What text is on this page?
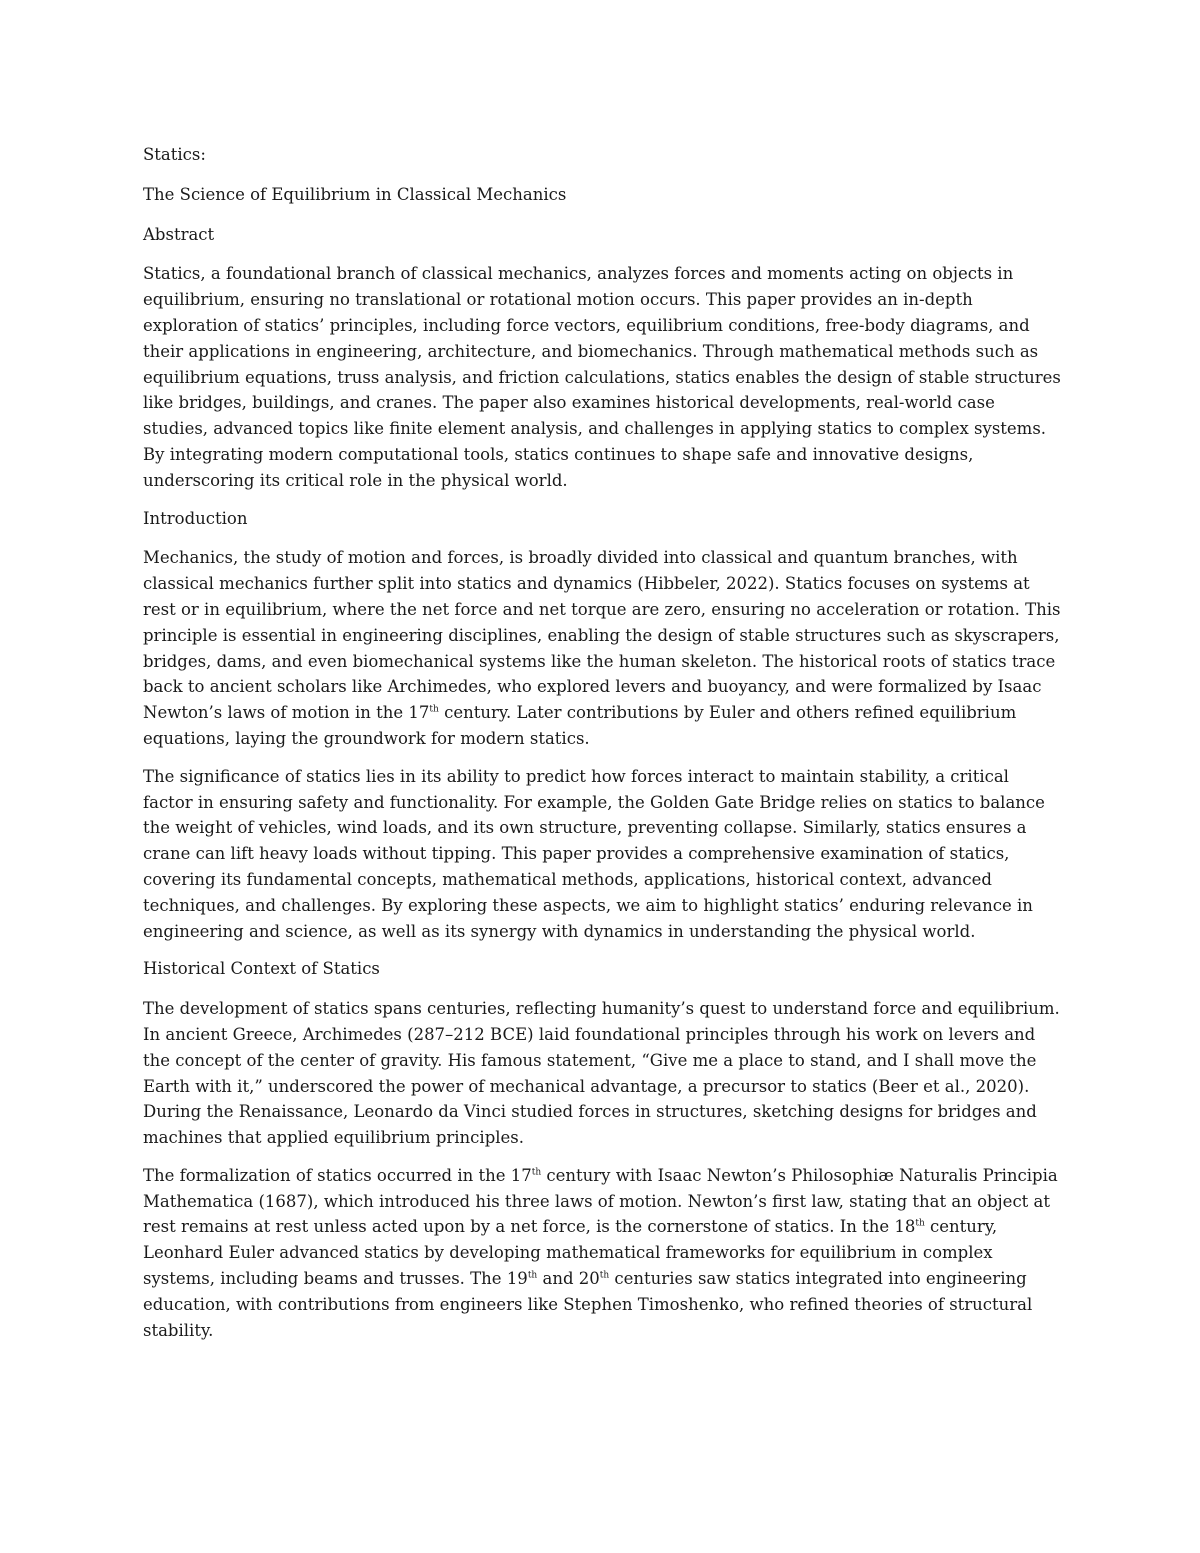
Statics:

The Science of Equilibrium in Classical Mechanics

Abstract

Statics, a foundational branch of classical mechanics, analyzes forces and moments acting on objects in equilibrium, ensuring no translational or rotational motion occurs. This paper provides an in-depth exploration of statics’ principles, including force vectors, equilibrium conditions, free-body diagrams, and their applications in engineering, architecture, and biomechanics. Through mathematical methods such as equilibrium equations, truss analysis, and friction calculations, statics enables the design of stable structures like bridges, buildings, and cranes. The paper also examines historical developments, real-world case studies, advanced topics like finite element analysis, and challenges in applying statics to complex systems. By integrating modern computational tools, statics continues to shape safe and innovative designs, underscoring its critical role in the physical world.

Introduction

Mechanics, the study of motion and forces, is broadly divided into classical and quantum branches, with classical mechanics further split into statics and dynamics (Hibbeler, 2022). Statics focuses on systems at rest or in equilibrium, where the net force and net torque are zero, ensuring no acceleration or rotation. This principle is essential in engineering disciplines, enabling the design of stable structures such as skyscrapers, bridges, dams, and even biomechanical systems like the human skeleton. The historical roots of statics trace back to ancient scholars like Archimedes, who explored levers and buoyancy, and were formalized by Isaac Newton’s laws of motion in the 17th century. Later contributions by Euler and others refined equilibrium equations, laying the groundwork for modern statics.

The significance of statics lies in its ability to predict how forces interact to maintain stability, a critical factor in ensuring safety and functionality. For example, the Golden Gate Bridge relies on statics to balance the weight of vehicles, wind loads, and its own structure, preventing collapse. Similarly, statics ensures a crane can lift heavy loads without tipping. This paper provides a comprehensive examination of statics, covering its fundamental concepts, mathematical methods, applications, historical context, advanced techniques, and challenges. By exploring these aspects, we aim to highlight statics’ enduring relevance in engineering and science, as well as its synergy with dynamics in understanding the physical world.

Historical Context of Statics

The development of statics spans centuries, reflecting humanity’s quest to understand force and equilibrium. In ancient Greece, Archimedes (287–212 BCE) laid foundational principles through his work on levers and the concept of the center of gravity. His famous statement, “Give me a place to stand, and I shall move the Earth with it,” underscored the power of mechanical advantage, a precursor to statics (Beer et al., 2020). During the Renaissance, Leonardo da Vinci studied forces in structures, sketching designs for bridges and machines that applied equilibrium principles.

The formalization of statics occurred in the 17th century with Isaac Newton’s Philosophiæ Naturalis Principia Mathematica (1687), which introduced his three laws of motion. Newton’s first law, stating that an object at rest remains at rest unless acted upon by a net force, is the cornerstone of statics. In the 18th century, Leonhard Euler advanced statics by developing mathematical frameworks for equilibrium in complex systems, including beams and trusses. The 19th and 20th centuries saw statics integrated into engineering education, with contributions from engineers like Stephen Timoshenko, who refined theories of structural stability.
